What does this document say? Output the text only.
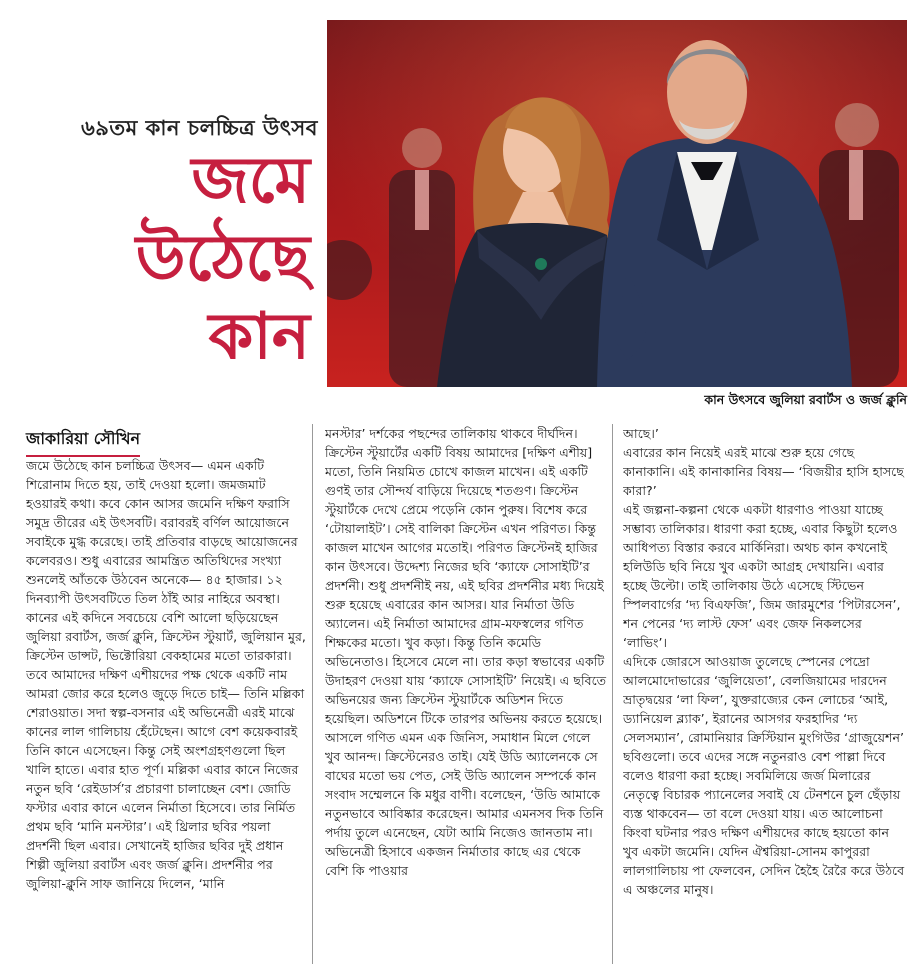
৬৯তম কান চলচ্চিত্র উৎসব
জমে উঠেছে
কান
কান উৎসবে জুলিয়া রবার্টস ও জর্জ ক্লুনি
জাকারিয়া সৌখিন

জমে উঠেছে কান চলচ্চিত্র উৎসব— এমন একটি শিরোনাম দিতে হয়, তাই দেওয়া হলো। জমজমাট হওয়ারই কথা। কবে কোন আসর জমেনি দক্ষিণ ফরাসি সমুদ্র তীরের এই উৎসবটি। বরাবরই বর্ণিল আয়োজনে সবাইকে মুগ্ধ করেছে। তাই প্রতিবার বাড়ছে আয়োজনের কলেবরও। শুধু এবারের আমন্ত্রিত অতিথিদের সংখ্যা শুনলেই আঁতকে উঠবেন অনেকে— ৪৫ হাজার। ১২ দিনব্যাপী উৎসবটিতে তিল ঠাঁই আর নাহিরে অবস্থা। কানের এই কদিনে সবচেয়ে বেশি আলো ছড়িয়েছেন জুলিয়া রবার্টস, জর্জ ক্লুনি, ক্রিস্টেন স্টুয়ার্ট, জুলিয়ান মুর, ক্রিস্টেন ডান্সট, ভিক্টোরিয়া বেকহামের মতো তারকারা। তবে আমাদের দক্ষিণ এশীয়দের পক্ষ থেকে একটি নাম আমরা জোর করে হলেও জুড়ে দিতে চাই— তিনি মল্লিকা শেরাওয়াত। সদা স্বল্প-বসনার এই অভিনেত্রী এরই মাঝে কানের লাল গালিচায় হেঁটেছেন। আগে বেশ কয়েকবারই তিনি কানে এসেছেন। কিন্তু সেই অংশগ্রহণগুলো ছিল খালি হাতে। এবার হাত পূর্ণ। মল্লিকা এবার কানে নিজের নতুন ছবি ‘রেইডার্স’র প্রচারণা চালাচ্ছেন বেশ। জোডি ফস্টার এবার কানে এলেন নির্মাতা হিসেবে। তার নির্মিত প্রথম ছবি ‘মানি মনস্টার’। এই থ্রিলার ছবির পয়লা প্রদর্শনী ছিল এবার। সেখানেই হাজির ছবির দুই প্রধান শিল্পী জুলিয়া রবার্টস এবং জর্জ ক্লুনি। প্রদর্শনীর পর জুলিয়া-ক্লুনি সাফ জানিয়ে দিলেন, ‘মানি

মনস্টার’ দর্শকের পছন্দের তালিকায় থাকবে দীর্ঘদিন।

ক্রিস্টেন স্টুয়ার্টের একটি বিষয় আমাদের [দক্ষিণ এশীয়] মতো, তিনি নিয়মিত চোখে কাজল মাখেন। এই একটি গুণই তার সৌন্দর্য বাড়িয়ে দিয়েছে শতগুণ। ক্রিস্টেন স্টুয়ার্টকে দেখে প্রেমে পড়েনি কোন পুরুষ। বিশেষ করে ‘টোয়ালাইট’। সেই বালিকা ক্রিস্টেন এখন পরিণত। কিন্তু কাজল মাখেন আগের মতোই। পরিণত ক্রিস্টেনই হাজির কান উৎসবে। উদ্দেশ্য নিজের ছবি ‘ক্যাফে সোসাইটি’র প্রদর্শনী। শুধু প্রদর্শনীই নয়, এই ছবির প্রদর্শনীর মধ্য দিয়েই শুরু হয়েছে এবারের কান আসর। যার নির্মাতা উডি অ্যালেন। এই নির্মাতা আমাদের গ্রাম-মফস্বলের গণিত শিক্ষকের মতো। খুব কড়া। কিন্তু তিনি কমেডি অভিনেতাও। হিসেবে মেলে না। তার কড়া স্বভাবের একটি উদাহরণ দেওয়া যায় ‘ক্যাফে সোসাইটি’ নিয়েই। এ ছবিতে অভিনয়ের জন্য ক্রিস্টেন স্টুয়ার্টকে অডিশন দিতে হয়েছিল। অডিশনে টিকে তারপর অভিনয় করতে হয়েছে। আসলে গণিত এমন এক জিনিস, সমাধান মিলে গেলে খুব আনন্দ। ক্রিস্টেনেরও তাই। যেই উডি অ্যালেনকে সে বাঘের মতো ভয় পেত, সেই উডি অ্যালেন সম্পর্কে কান সংবাদ সম্মেলনে কি মধুর বাণী। বলেছেন, ‘উডি আমাকে নতুনভাবে আবিষ্কার করেছেন। আমার এমনসব দিক তিনি পর্দায় তুলে এনেছেন, যেটা আমি নিজেও জানতাম না। অভিনেত্রী হিসাবে একজন নির্মাতার কাছে এর থেকে বেশি কি পাওয়ার

আছে।’

এবারের কান নিয়েই এরই মাঝে শুরু হয়ে গেছে কানাকানি। এই কানাকানির বিষয়— ‘বিজয়ীর হাসি হাসছে কারা?’

এই জল্পনা-কল্পনা থেকে একটা ধারণাও পাওয়া যাচ্ছে সম্ভাব্য তালিকার। ধারণা করা হচ্ছে, এবার কিছুটা হলেও আধিপত্য বিস্তার করবে মার্কিনিরা। অথচ কান কখনোই হলিউডি ছবি নিয়ে খুব একটা আগ্রহ দেখায়নি। এবার হচ্ছে উল্টো। তাই তালিকায় উঠে এসেছে স্টিভেন স্পিলবার্গের ‘দ্য বিএফজি’, জিম জারমুশের ‘পিটারসেন’, শন পেনের ‘দ্য লাস্ট ফেস’ এবং জেফ নিকলসের ‘লাভিং’।

এদিকে জোরসে আওয়াজ তুলেছে স্পেনের পেদ্রো আলমোদোভারের ‘জুলিয়েতা’, বেলজিয়ামের দারদেন ভ্রাতৃদ্বয়ের ‘লা ফিল’, যুক্তরাজ্যের কেন লোচের ‘আই, ড্যানিয়েল ব্ল্যাক’, ইরানের আসগর ফরহাদির ‘দ্য সেলসম্যান’, রোমানিয়ার ক্রিস্টিয়ান মুংগিউর ‘গ্রাজুয়েশন’ ছবিগুলো। তবে এদের সঙ্গে নতুনরাও বেশ পাল্লা দিবে বলেও ধারণা করা হচ্ছে। সবমিলিয়ে জর্জ মিলারের নেতৃত্বে বিচারক প্যানেলের সবাই যে টেনশনে চুল ছেঁড়ায় ব্যস্ত থাকবেন— তা বলে দেওয়া যায়। এত আলোচনা কিংবা ঘটনার পরও দক্ষিণ এশীয়দের কাছে হয়তো কান খুব একটা জমেনি। যেদিন ঐশ্বরিয়া-সোনম কাপুররা লালগালিচায় পা ফেলবেন, সেদিন হৈহৈ রৈরৈ করে উঠবে এ অঞ্চলের মানুষ।
